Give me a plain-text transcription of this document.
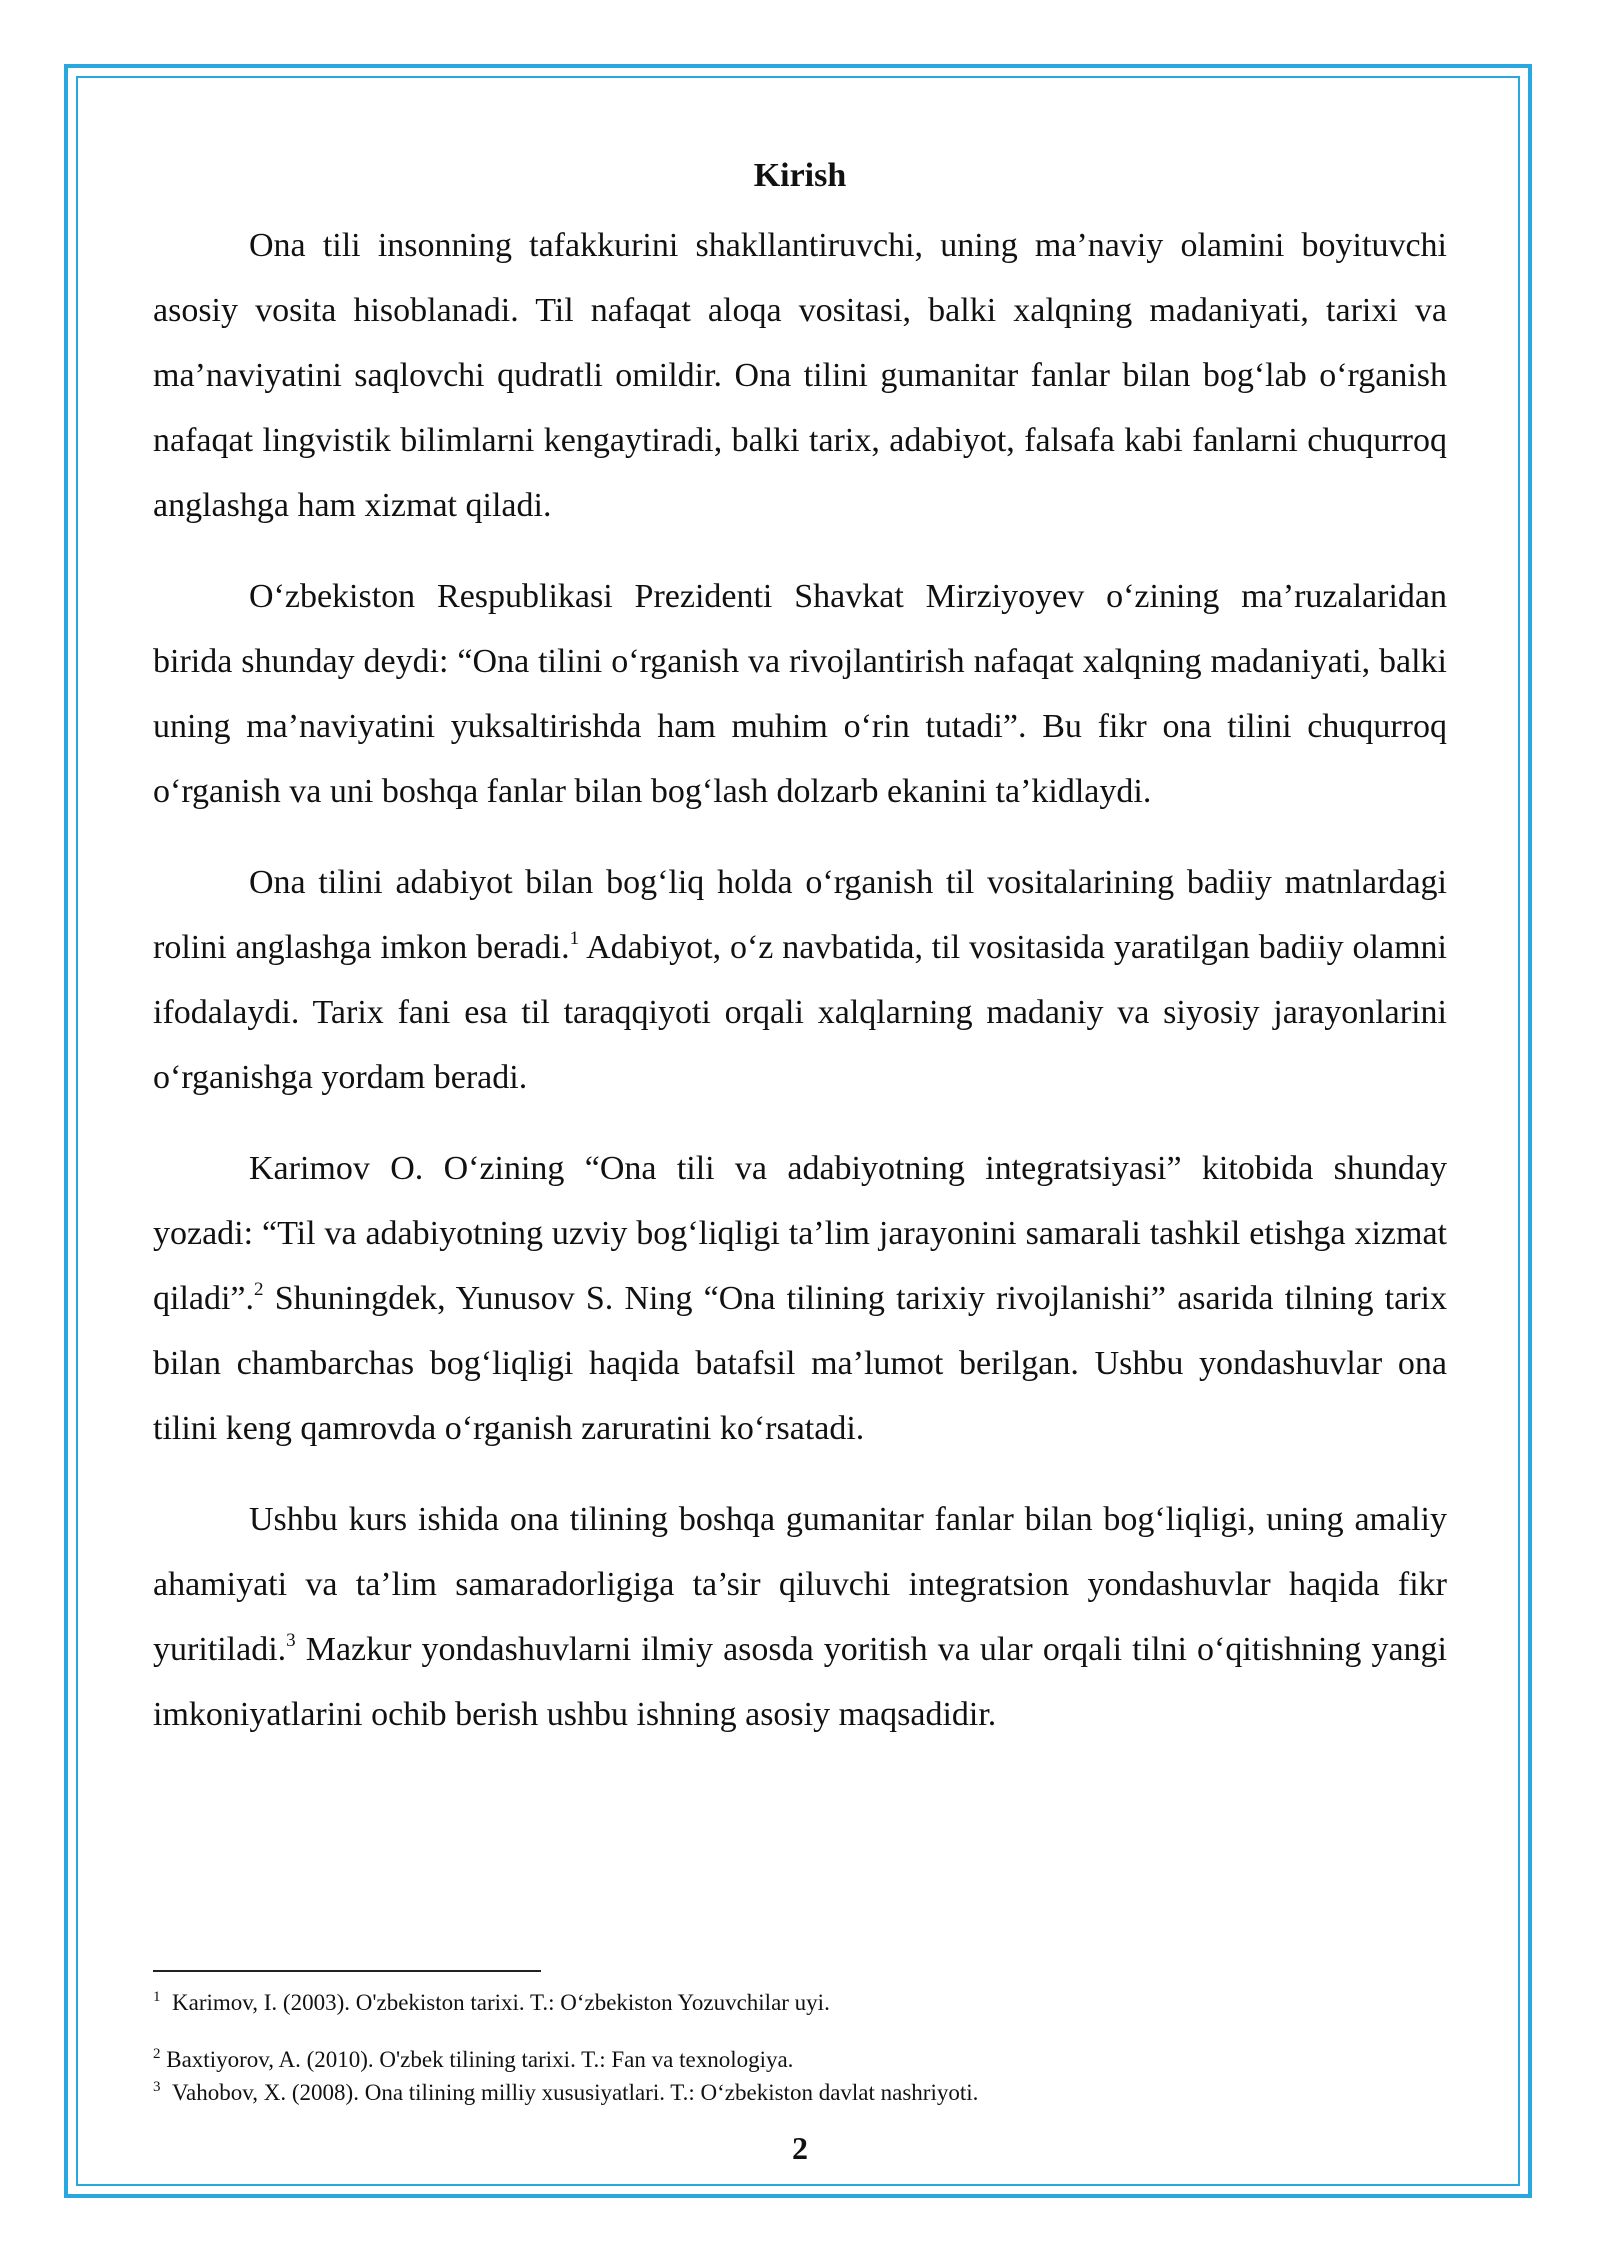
Kirish

Ona tili insonning tafakkurini shakllantiruvchi, uning ma’naviy olamini boyituvchi asosiy vosita hisoblanadi. Til nafaqat aloqa vositasi, balki xalqning madaniyati, tarixi va ma’naviyatini saqlovchi qudratli omildir. Ona tilini gumanitar fanlar bilan bog‘lab o‘rganish nafaqat lingvistik bilimlarni kengaytiradi, balki tarix, adabiyot, falsafa kabi fanlarni chuqurroq anglashga ham xizmat qiladi.

O‘zbekiston Respublikasi Prezidenti Shavkat Mirziyoyev o‘zining ma’ruzalaridan birida shunday deydi: “Ona tilini o‘rganish va rivojlantirish nafaqat xalqning madaniyati, balki uning ma’naviyatini yuksaltirishda ham muhim o‘rin tutadi”. Bu fikr ona tilini chuqurroq o‘rganish va uni boshqa fanlar bilan bog‘lash dolzarb ekanini ta’kidlaydi.

Ona tilini adabiyot bilan bog‘liq holda o‘rganish til vositalarining badiiy matnlardagi rolini anglashga imkon beradi.$^1$ Adabiyot, o‘z navbatida, til vositasida yaratilgan badiiy olamni ifodalaydi. Tarix fani esa til taraqqiyoti orqali xalqlarning madaniy va siyosiy jarayonlarini o‘rganishga yordam beradi.

Karimov O. O‘zining “Ona tili va adabiyotning integratsiyasi” kitobida shunday yozadi: “Til va adabiyotning uzviy bog‘liqligi ta’lim jarayonini samarali tashkil etishga xizmat qiladi”.$^2$ Shuningdek, Yunusov S. Ning “Ona tilining tarixiy rivojlanishi” asarida tilning tarix bilan chambarchas bog‘liqligi haqida batafsil ma’lumot berilgan. Ushbu yondashuvlar ona tilini keng qamrovda o‘rganish zaruratini ko‘rsatadi.

Ushbu kurs ishida ona tilining boshqa gumanitar fanlar bilan bog‘liqligi, uning amaliy ahamiyati va ta’lim samaradorligiga ta’sir qiluvchi integratsion yondashuvlar haqida fikr yuritiladi.$^3$ Mazkur yondashuvlarni ilmiy asosda yoritish va ular orqali tilni o‘qitishning yangi imkoniyatlarini ochib berish ushbu ishning asosiy maqsadidir.

$^1$ Karimov, I. (2003). O'zbekiston tarixi. T.: O‘zbekiston Yozuvchilar uyi.
$^2$ Baxtiyorov, A. (2010). O'zbek tilining tarixi. T.: Fan va texnologiya.
$^3$ Vahobov, X. (2008). Ona tilining milliy xususiyatlari. T.: O‘zbekiston davlat nashriyoti.
2
